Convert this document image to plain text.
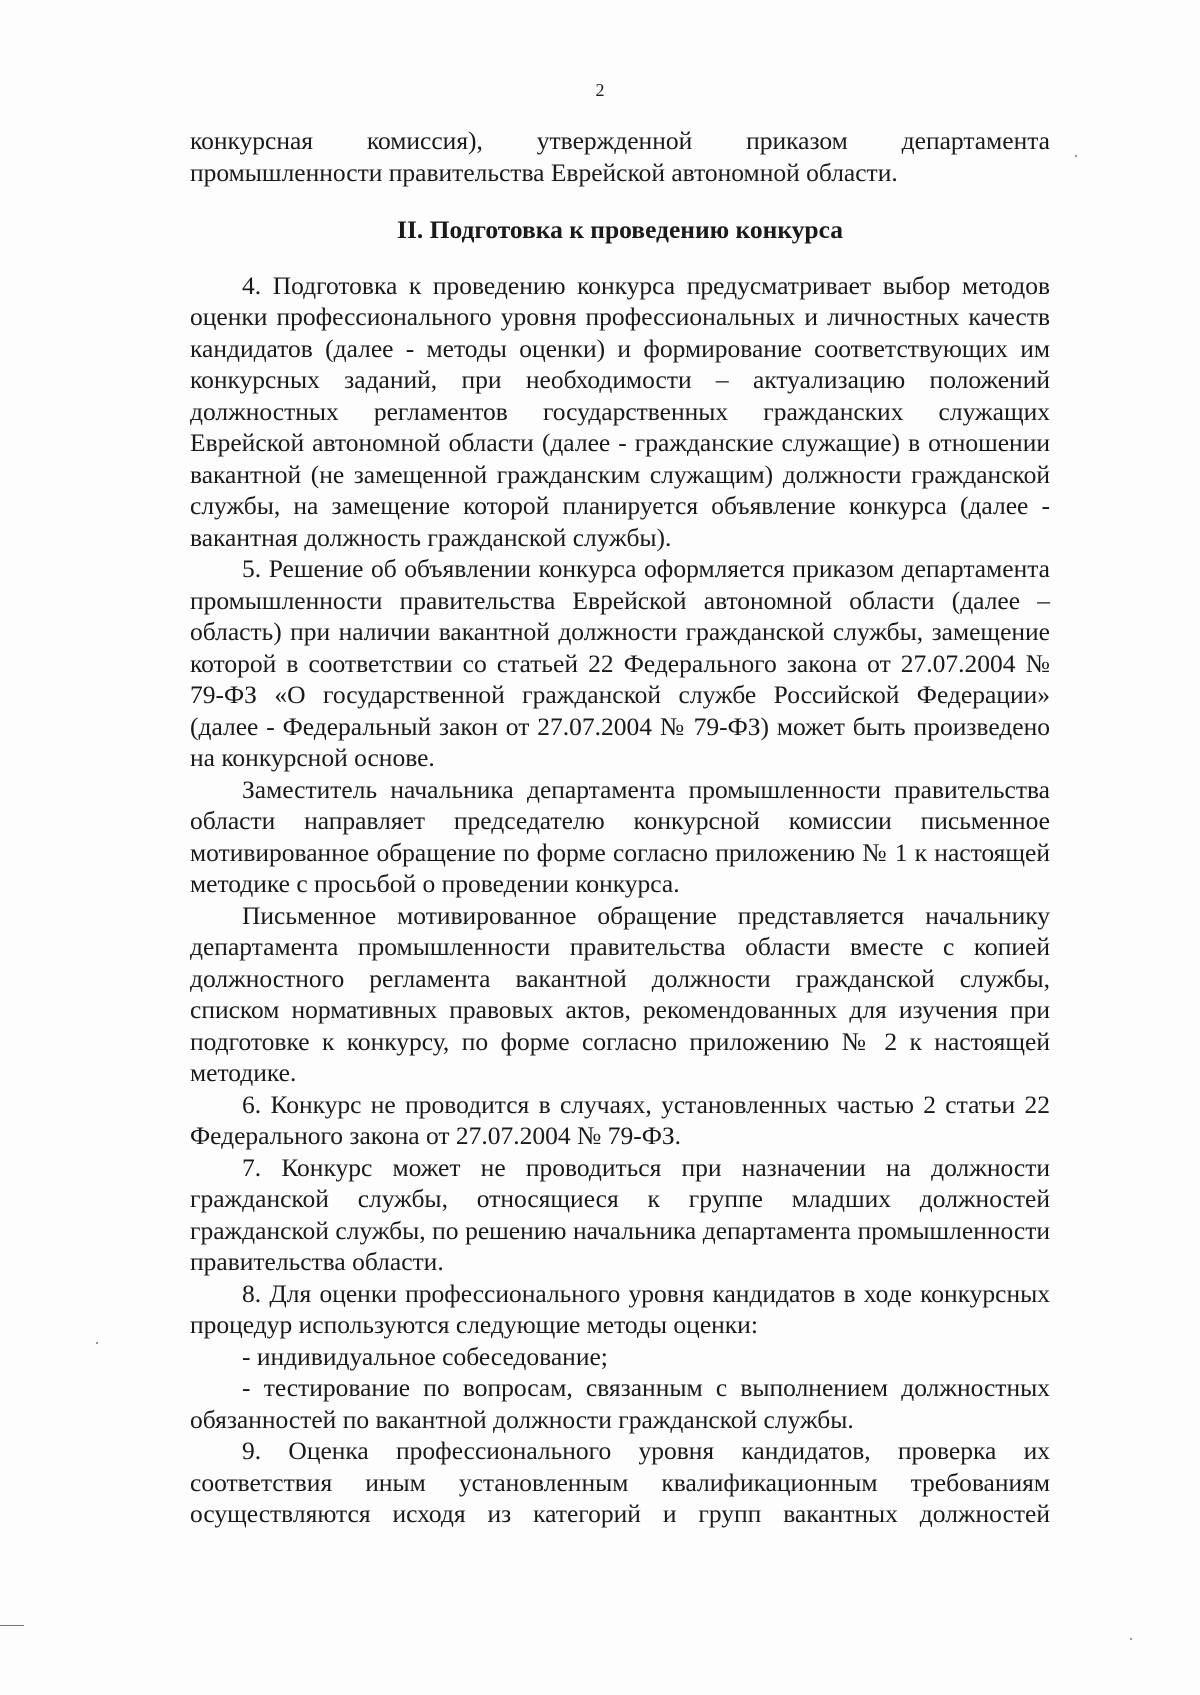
2

конкурсная комиссия), утвержденной приказом департамента промышленности правительства Еврейской автономной области.

II. Подготовка к проведению конкурса

4. Подготовка к проведению конкурса предусматривает выбор методов оценки профессионального уровня профессиональных и личностных качеств кандидатов (далее - методы оценки) и формирование соответствующих им конкурсных заданий, при необходимости – актуализацию положений должностных регламентов государственных гражданских служащих Еврейской автономной области (далее - гражданские служащие) в отношении вакантной (не замещенной гражданским служащим) должности гражданской службы, на замещение которой планируется объявление конкурса (далее - вакантная должность гражданской службы).

5. Решение об объявлении конкурса оформляется приказом департамента промышленности правительства Еврейской автономной области (далее – область) при наличии вакантной должности гражданской службы, замещение которой в соответствии со статьей 22 Федерального закона от 27.07.2004 № 79-ФЗ «О государственной гражданской службе Российской Федерации» (далее - Федеральный закон от 27.07.2004 № 79-ФЗ) может быть произведено на конкурсной основе.

Заместитель начальника департамента промышленности правительства области направляет председателю конкурсной комиссии письменное мотивированное обращение по форме согласно приложению № 1 к настоящей методике с просьбой о проведении конкурса.

Письменное мотивированное обращение представляется начальнику департамента промышленности правительства области вместе с копией должностного регламента вакантной должности гражданской службы, списком нормативных правовых актов, рекомендованных для изучения при подготовке к конкурсу, по форме согласно приложению № 2 к настоящей методике.

6. Конкурс не проводится в случаях, установленных частью 2 статьи 22 Федерального закона от 27.07.2004 № 79-ФЗ.

7. Конкурс может не проводиться при назначении на должности гражданской службы, относящиеся к группе младших должностей гражданской службы, по решению начальника департамента промышленности правительства области.

8. Для оценки профессионального уровня кандидатов в ходе конкурсных процедур используются следующие методы оценки:

- индивидуальное собеседование;

- тестирование по вопросам, связанным с выполнением должностных обязанностей по вакантной должности гражданской службы.

9. Оценка профессионального уровня кандидатов, проверка их соответствия иным установленным квалификационным требованиям осуществляются исходя из категорий и групп вакантных должностей
